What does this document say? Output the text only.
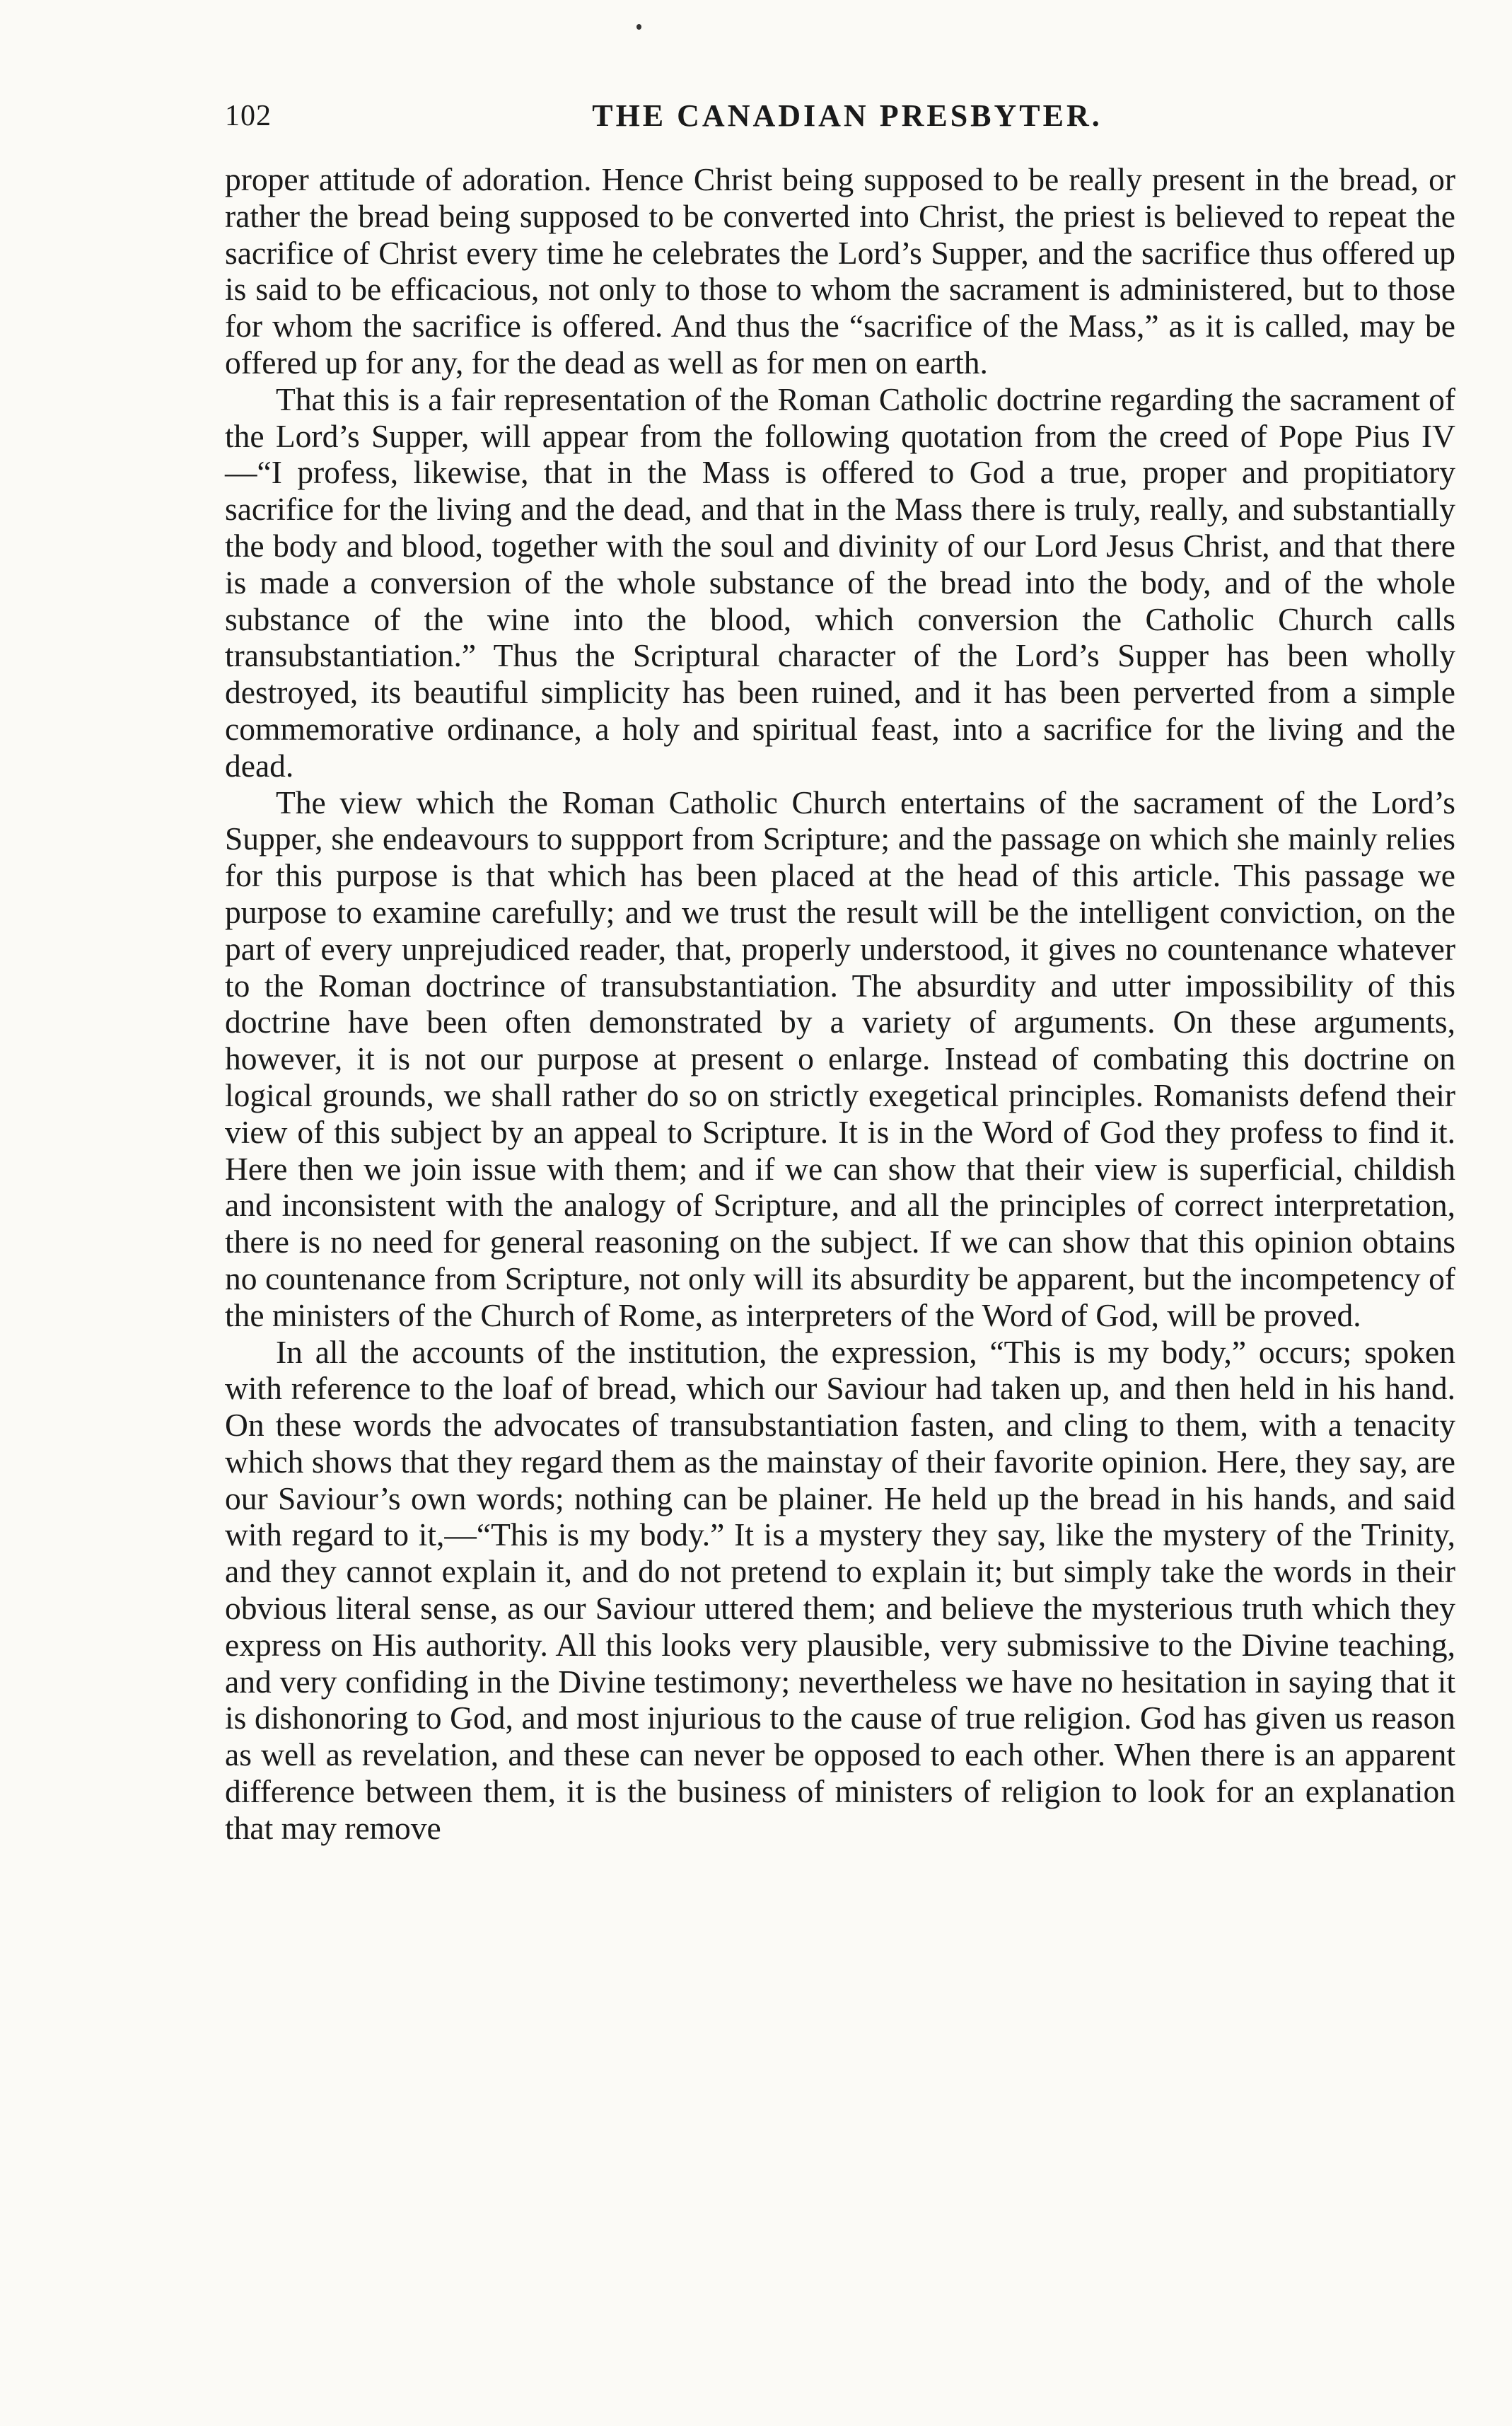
102	THE CANADIAN PRESBYTER.

proper attitude of adoration. Hence Christ being supposed to be really present in the bread, or rather the bread being supposed to be converted into Christ, the priest is believed to repeat the sacrifice of Christ every time he celebrates the Lord’s Supper, and the sacrifice thus offered up is said to be efficacious, not only to those to whom the sacrament is administered, but to those for whom the sacrifice is offered. And thus the “sacrifice of the Mass,” as it is called, may be offered up for any, for the dead as well as for men on earth.

That this is a fair representation of the Roman Catholic doctrine regarding the sacrament of the Lord’s Supper, will appear from the following quotation from the creed of Pope Pius IV—“I profess, likewise, that in the Mass is offered to God a true, proper and propitiatory sacrifice for the living and the dead, and that in the Mass there is truly, really, and substantially the body and blood, together with the soul and divinity of our Lord Jesus Christ, and that there is made a conversion of the whole substance of the bread into the body, and of the whole substance of the wine into the blood, which conversion the Catholic Church calls transubstantiation.” Thus the Scriptural character of the Lord’s Supper has been wholly destroyed, its beautiful simplicity has been ruined, and it has been perverted from a simple commemorative ordinance, a holy and spiritual feast, into a sacrifice for the living and the dead.

The view which the Roman Catholic Church entertains of the sacrament of the Lord’s Supper, she endeavours to suppport from Scripture; and the passage on which she mainly relies for this purpose is that which has been placed at the head of this article. This passage we purpose to examine carefully; and we trust the result will be the intelligent conviction, on the part of every unprejudiced reader, that, properly understood, it gives no countenance whatever to the Roman doctrince of transubstantiation. The absurdity and utter impossibility of this doctrine have been often demonstrated by a variety of arguments. On these arguments, however, it is not our purpose at present o enlarge. Instead of combating this doctrine on logical grounds, we shall rather do so on strictly exegetical principles. Romanists defend their view of this subject by an appeal to Scripture. It is in the Word of God they profess to find it. Here then we join issue with them; and if we can show that their view is superficial, childish and inconsistent with the analogy of Scripture, and all the principles of correct interpretation, there is no need for general reasoning on the subject. If we can show that this opinion obtains no countenance from Scripture, not only will its absurdity be apparent, but the incompetency of the ministers of the Church of Rome, as interpreters of the Word of God, will be proved.

In all the accounts of the institution, the expression, “This is my body,” occurs; spoken with reference to the loaf of bread, which our Saviour had taken up, and then held in his hand. On these words the advocates of transubstantiation fasten, and cling to them, with a tenacity which shows that they regard them as the mainstay of their favorite opinion. Here, they say, are our Saviour’s own words; nothing can be plainer. He held up the bread in his hands, and said with regard to it,—“This is my body.” It is a mystery they say, like the mystery of the Trinity, and they cannot explain it, and do not pretend to explain it; but simply take the words in their obvious literal sense, as our Saviour uttered them; and believe the mysterious truth which they express on His authority. All this looks very plausible, very submissive to the Divine teaching, and very confiding in the Divine testimony; nevertheless we have no hesitation in saying that it is dishonoring to God, and most injurious to the cause of true religion. God has given us reason as well as revelation, and these can never be opposed to each other. When there is an apparent difference between them, it is the business of ministers of religion to look for an explanation that may remove
